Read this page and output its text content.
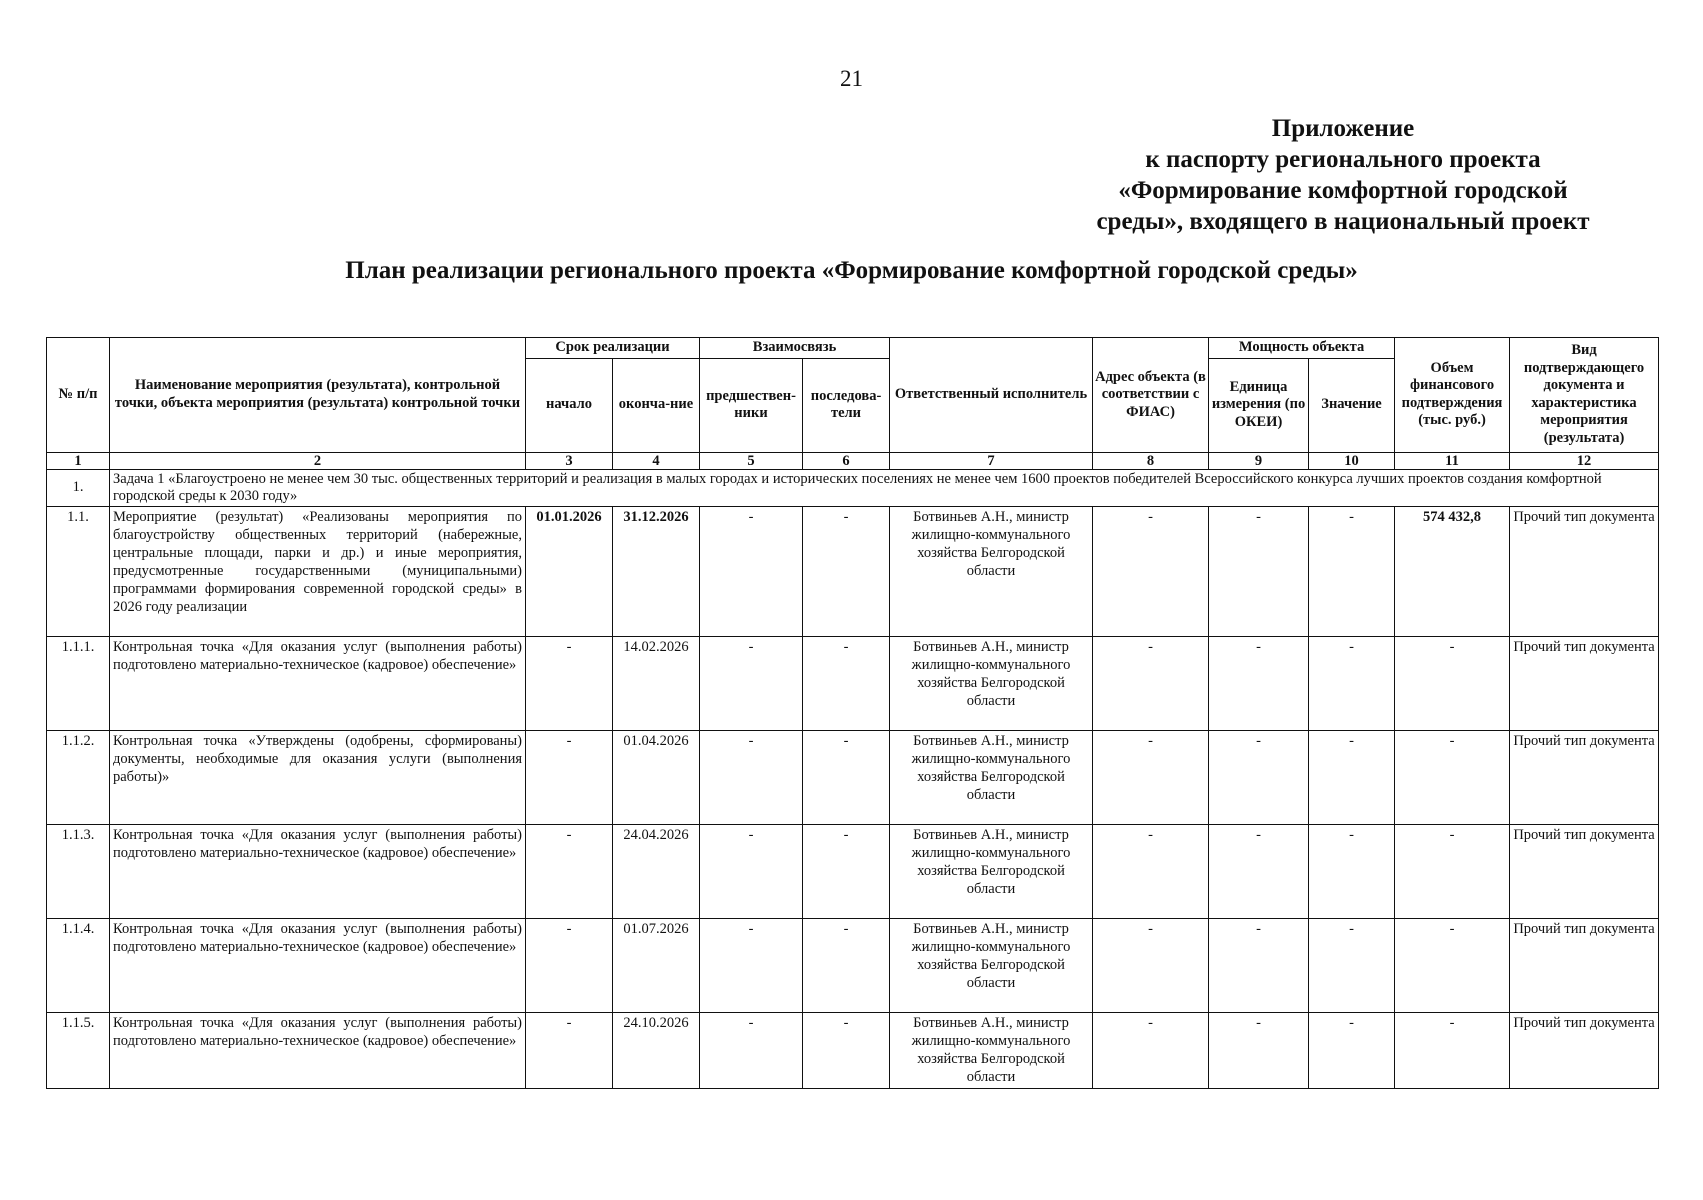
21
Приложение
к паспорту регионального проекта
«Формирование комфортной городской
среды», входящего в национальный проект
План реализации регионального проекта «Формирование комфортной городской среды»
№ п/п	Наименование мероприятия (результата), контрольной точки, объекта мероприятия (результата) контрольной точки	Срок реализации		Взаимосвязь		Ответственный исполнитель	Адрес объекта (в соответствии с ФИАС)	Мощность объекта		Объем финансового подтверждения (тыс. руб.)	Вид подтверждающего документа и характеристика мероприятия (результата)
		начало	оконча-ние	предшествен-ники	последова-тели			Единица измерения (по ОКЕИ)	Значение		
1	2	3	4	5	6	7	8	9	10	11	12
1.	Задача 1 «Благоустроено не менее чем 30 тыс. общественных территорий и реализация в малых городах и исторических поселениях не менее чем 1600 проектов победителей Всероссийского конкурса лучших проектов создания комфортной городской среды к 2030 году»										
1.1.	Мероприятие (результат) «Реализованы мероприятия по благоустройству общественных территорий (набережные, центральные площади, парки и др.) и иные мероприятия, предусмотренные государственными (муниципальными) программами формирования современной городской среды» в 2026 году реализации	01.01.2026	31.12.2026	-	-	Ботвиньев А.Н., министр жилищно-коммунального хозяйства Белгородской области	-	-	-	574 432,8	Прочий тип документа
1.1.1.	Контрольная точка «Для оказания услуг (выполнения работы) подготовлено материально-техническое (кадровое) обеспечение»	-	14.02.2026	-	-	Ботвиньев А.Н., министр жилищно-коммунального хозяйства Белгородской области	-	-	-	-	Прочий тип документа
1.1.2.	Контрольная точка «Утверждены (одобрены, сформированы) документы, необходимые для оказания услуги (выполнения работы)»	-	01.04.2026	-	-	Ботвиньев А.Н., министр жилищно-коммунального хозяйства Белгородской области	-	-	-	-	Прочий тип документа
1.1.3.	Контрольная точка «Для оказания услуг (выполнения работы) подготовлено материально-техническое (кадровое) обеспечение»	-	24.04.2026	-	-	Ботвиньев А.Н., министр жилищно-коммунального хозяйства Белгородской области	-	-	-	-	Прочий тип документа
1.1.4.	Контрольная точка «Для оказания услуг (выполнения работы) подготовлено материально-техническое (кадровое) обеспечение»	-	01.07.2026	-	-	Ботвиньев А.Н., министр жилищно-коммунального хозяйства Белгородской области	-	-	-	-	Прочий тип документа
1.1.5.	Контрольная точка «Для оказания услуг (выполнения работы) подготовлено материально-техническое (кадровое) обеспечение»	-	24.10.2026	-	-	Ботвиньев А.Н., министр жилищно-коммунального хозяйства Белгородской области	-	-	-	-	Прочий тип документа
